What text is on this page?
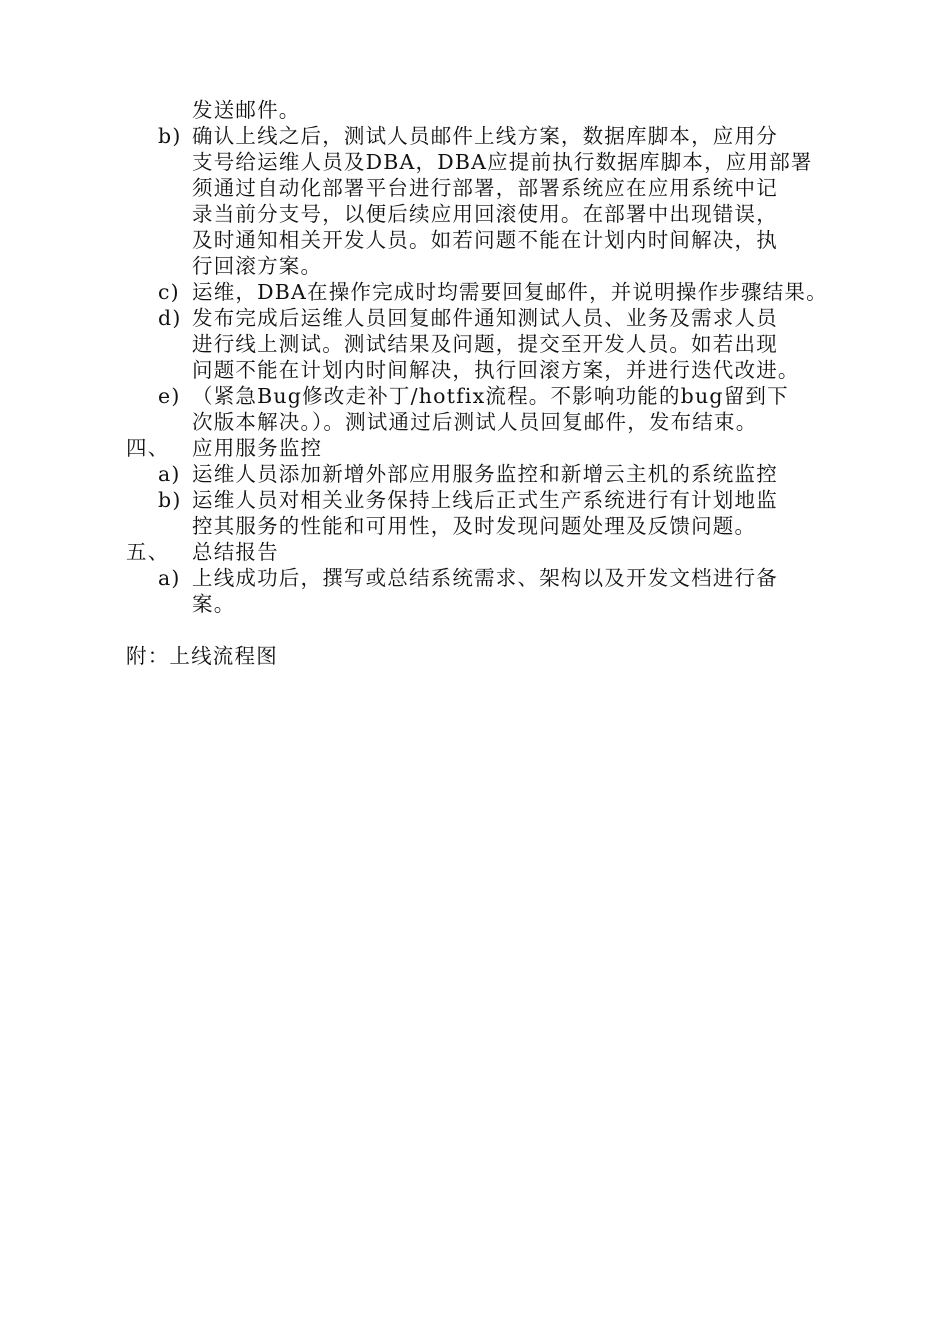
发送邮件。

b) 确认上线之后，测试人员邮件上线方案，数据库脚本，应用分
支号给运维人员及DBA，DBA应提前执行数据库脚本，应用部署
须通过自动化部署平台进行部署，部署系统应在应用系统中记
录当前分支号，以便后续应用回滚使用。在部署中出现错误，
及时通知相关开发人员。如若问题不能在计划内时间解决，执
行回滚方案。
c) 运维，DBA在操作完成时均需要回复邮件，并说明操作步骤结果。
d) 发布完成后运维人员回复邮件通知测试人员、业务及需求人员
进行线上测试。测试结果及问题，提交至开发人员。如若出现
问题不能在计划内时间解决，执行回滚方案，并进行迭代改进。
e) （紧急Bug修改走补丁/hotfix流程。不影响功能的bug留到下
次版本解决。）。测试通过后测试人员回复邮件，发布结束。
四、 应用服务监控
a) 运维人员添加新增外部应用服务监控和新增云主机的系统监控
b) 运维人员对相关业务保持上线后正式生产系统进行有计划地监
控其服务的性能和可用性，及时发现问题处理及反馈问题。
五、 总结报告
a) 上线成功后，撰写或总结系统需求、架构以及开发文档进行备
案。

附：上线流程图
